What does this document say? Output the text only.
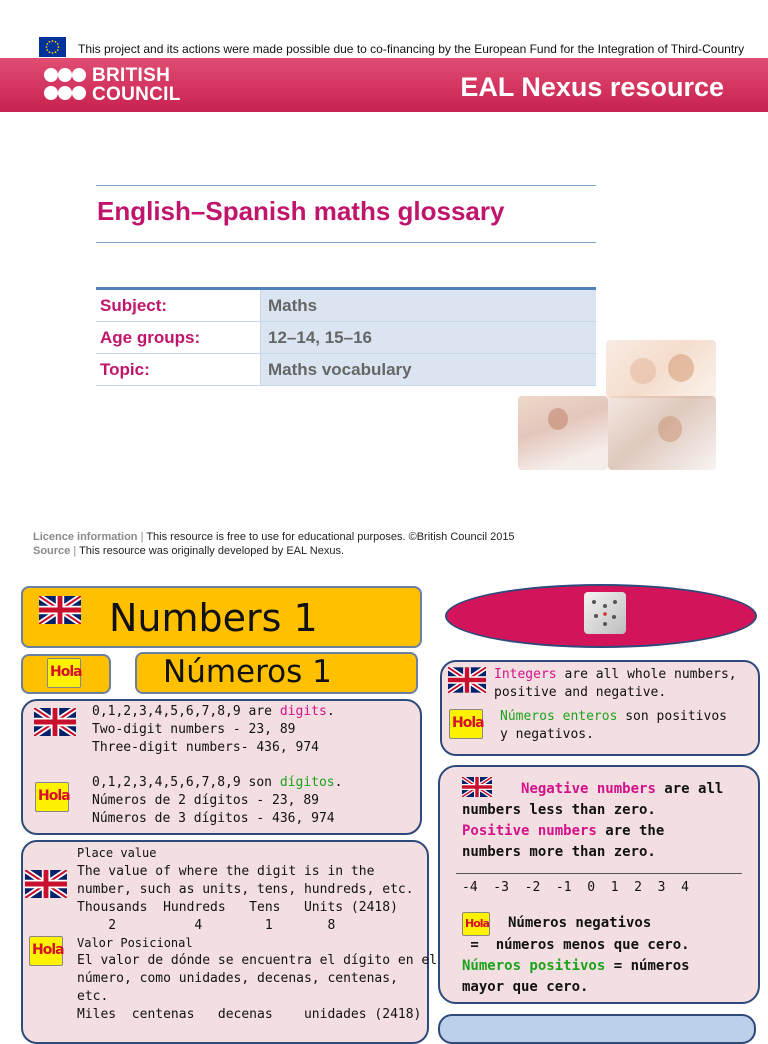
This project and its actions were made possible due to co-financing by the European Fund for the Integration of Third-Country
BRITISH
COUNCIL	EAL Nexus resource
English–Spanish maths glossary
Subject:	Maths
Age groups:	12–14, 15–16
Topic:	Maths vocabulary
Licence information | This resource is free to use for educational purposes. ©British Council 2015
Source | This resource was originally developed by EAL Nexus.
Numbers 1
Hola	Números 1
0,1,2,3,4,5,6,7,8,9 are digits.
Two-digit numbers - 23, 89
Three-digit numbers- 436, 974
Hola
0,1,2,3,4,5,6,7,8,9 son dígitos.
Números de 2 dígitos - 23, 89
Números de 3 dígitos - 436, 974
Place value
The value of where the digit is in the
number, such as units, tens, hundreds, etc.
Thousands  Hundreds   Tens   Units (2418)
2          4        1       8
Hola Valor Posicional
El valor de dónde se encuentra el dígito en el
número, como unidades, decenas, centenas,
etc.
Miles  centenas   decenas    unidades (2418)
Integers are all whole numbers,
positive and negative.
Hola Números enteros son positivos
y negativos.
Negative numbers are all
numbers less than zero.
Positive numbers are the
numbers more than zero.
-4  -3  -2  -1  0  1  2  3  4
Hola Números negativos
=  números menos que cero.
Números positivos = números
mayor que cero.
